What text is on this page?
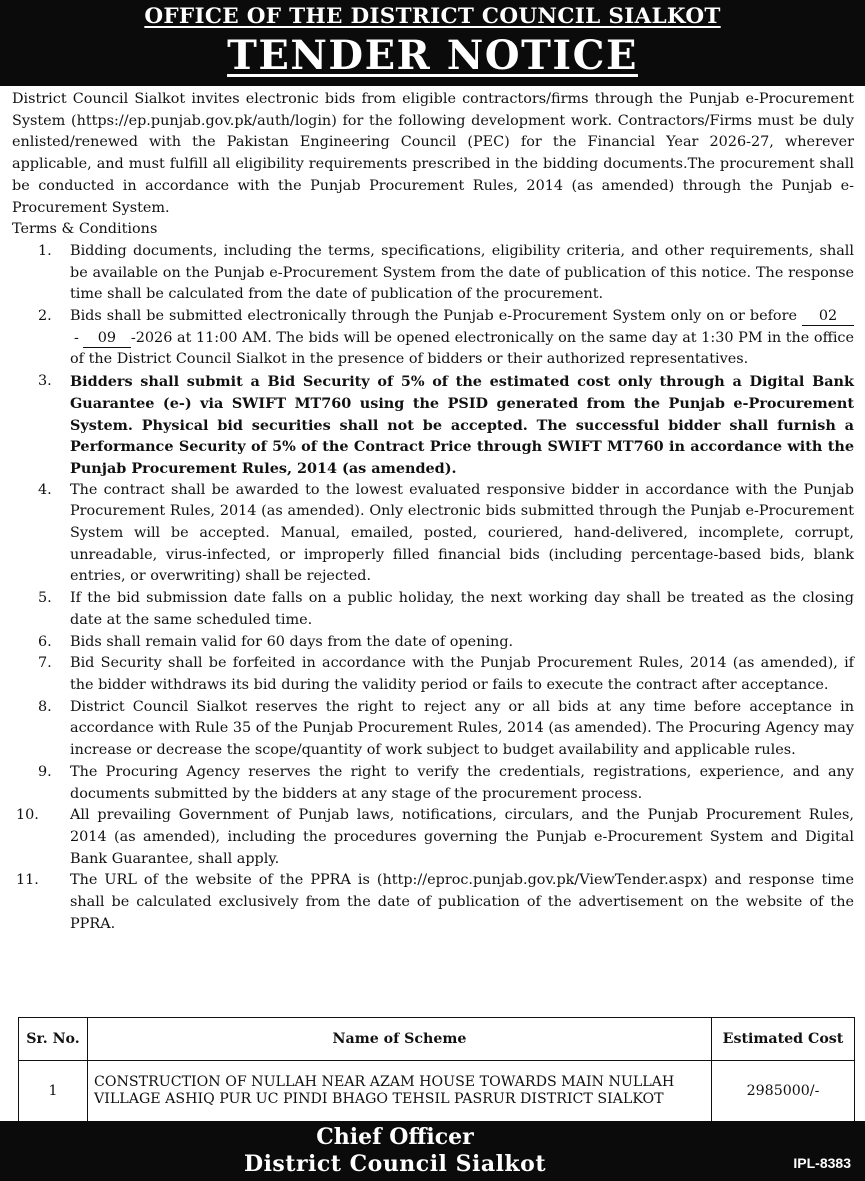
OFFICE OF THE DISTRICT COUNCIL SIALKOT
TENDER NOTICE

District Council Sialkot invites electronic bids from eligible contractors/firms through the Punjab e-Procurement System (https://ep.punjab.gov.pk/auth/login) for the following development work. Contractors/Firms must be duly enlisted/renewed with the Pakistan Engineering Council (PEC) for the Financial Year 2026-27, wherever applicable, and must fulfill all eligibility requirements prescribed in the bidding documents.The procurement shall be conducted in accordance with the Punjab Procurement Rules, 2014 (as amended) through the Punjab e-Procurement System.

Terms & Conditions

1.	Bidding documents, including the terms, specifications, eligibility criteria, and other requirements, shall be available on the Punjab e-Procurement System from the date of publication of this notice. The response time shall be calculated from the date of publication of the procurement.
2.	Bids shall be submitted electronically through the Punjab e-Procurement System only on or before 02- 09 -2026 at 11:00 AM. The bids will be opened electronically on the same day at 1:30 PM in the office of the District Council Sialkot in the presence of bidders or their authorized representatives.
3.	Bidders shall submit a Bid Security of 5% of the estimated cost only through a Digital Bank Guarantee (e-) via SWIFT MT760 using the PSID generated from the Punjab e-Procurement System. Physical bid securities shall not be accepted. The successful bidder shall furnish a Performance Security of 5% of the Contract Price through SWIFT MT760 in accordance with the Punjab Procurement Rules, 2014 (as amended).
4.	The contract shall be awarded to the lowest evaluated responsive bidder in accordance with the Punjab Procurement Rules, 2014 (as amended). Only electronic bids submitted through the Punjab e-Procurement System will be accepted. Manual, emailed, posted, couriered, hand-delivered, incomplete, corrupt, unreadable, virus-infected, or improperly filled financial bids (including percentage-based bids, blank entries, or overwriting) shall be rejected.
5.	If the bid submission date falls on a public holiday, the next working day shall be treated as the closing date at the same scheduled time.
6.	Bids shall remain valid for 60 days from the date of opening.
7.	Bid Security shall be forfeited in accordance with the Punjab Procurement Rules, 2014 (as amended), if the bidder withdraws its bid during the validity period or fails to execute the contract after acceptance.
8.	District Council Sialkot reserves the right to reject any or all bids at any time before acceptance in accordance with Rule 35 of the Punjab Procurement Rules, 2014 (as amended). The Procuring Agency may increase or decrease the scope/quantity of work subject to budget availability and applicable rules.
9.	The Procuring Agency reserves the right to verify the credentials, registrations, experience, and any documents submitted by the bidders at any stage of the procurement process.
10.	All prevailing Government of Punjab laws, notifications, circulars, and the Punjab Procurement Rules, 2014 (as amended), including the procedures governing the Punjab e-Procurement System and Digital Bank Guarantee, shall apply.
11.	The URL of the website of the PPRA is (http://eproc.punjab.gov.pk/ViewTender.aspx) and response time shall be calculated exclusively from the date of publication of the advertisement on the website of the PPRA.
Sr. No.	Name of Scheme	Estimated Cost
1	CONSTRUCTION OF NULLAH NEAR AZAM HOUSE TOWARDS MAIN NULLAH VILLAGE ASHIQ PUR UC PINDI BHAGO TEHSIL PASRUR DISTRICT SIALKOT	2985000/-
Chief Officer
District Council Sialkot	IPL-8383
